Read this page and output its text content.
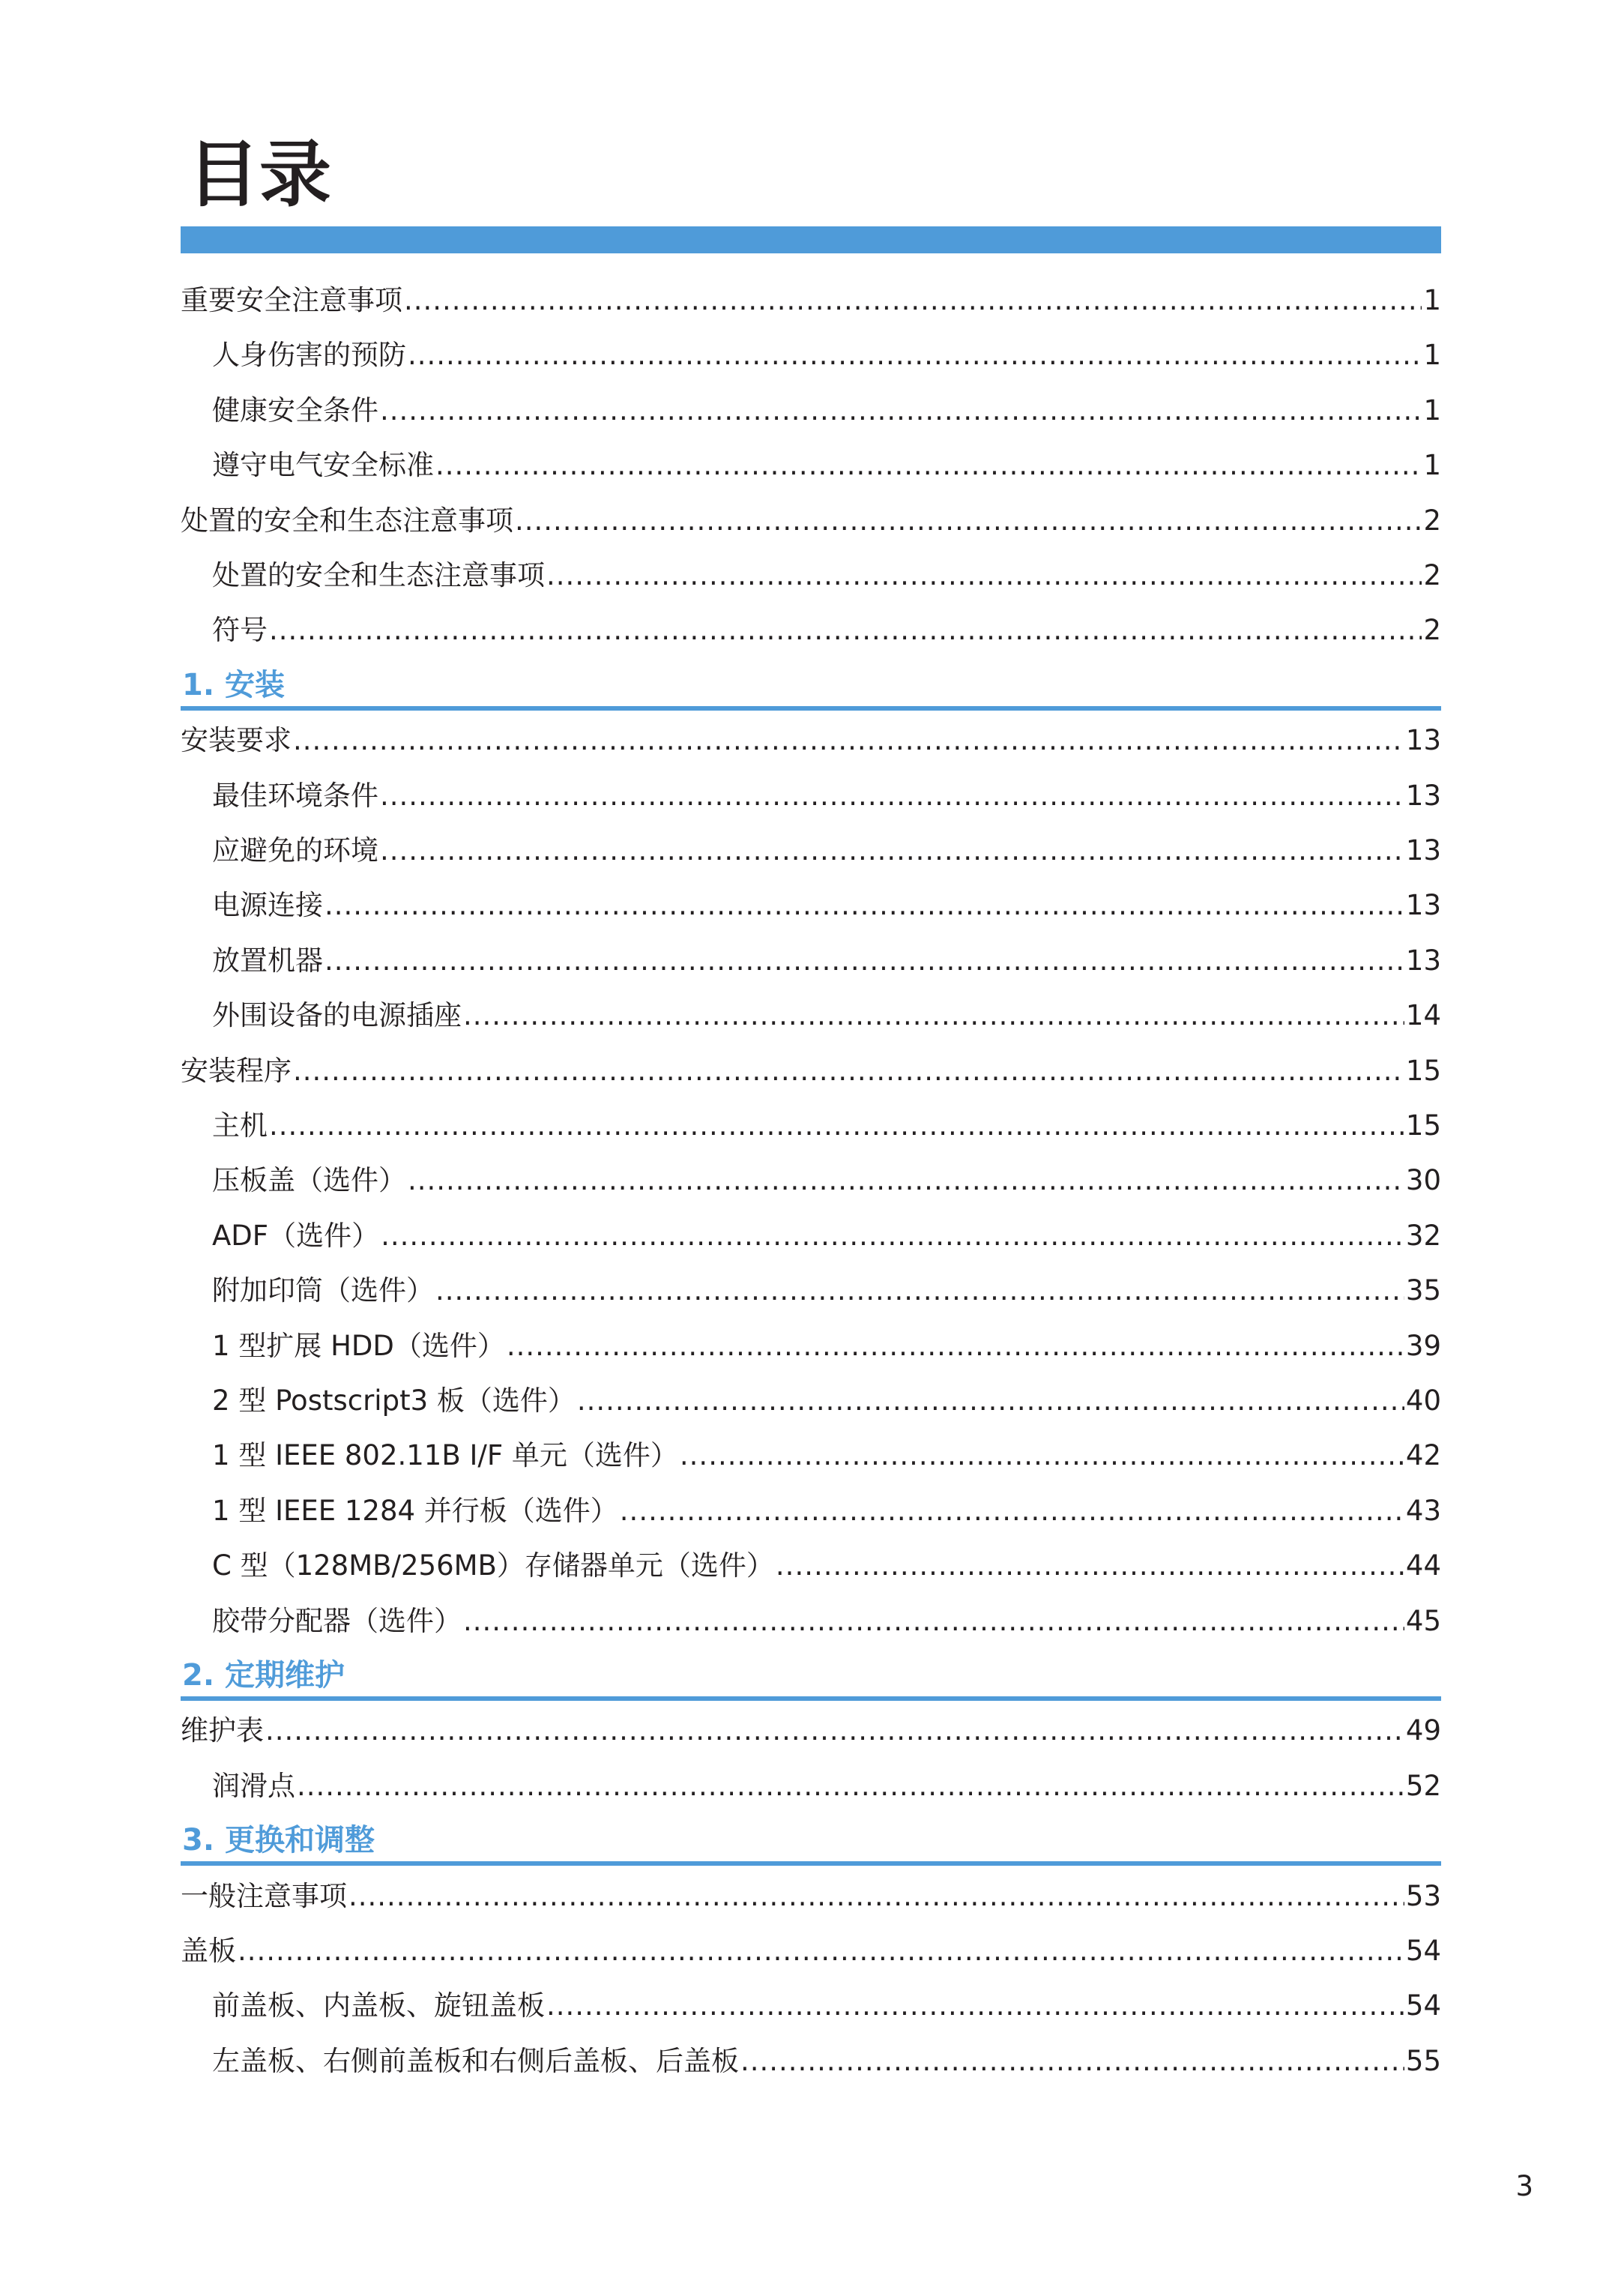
目录
重要安全注意事项 .....	1
人身伤害的预防 .....	1
健康安全条件 .....	1
遵守电气安全标准 .....	1
处置的安全和生态注意事项 .....	2
处置的安全和生态注意事项 .....	2
符号 .....	2
1. 安装
安装要求 .....	13
最佳环境条件 .....	13
应避免的环境 .....	13
电源连接 .....	13
放置机器 .....	13
外围设备的电源插座 .....	14
安装程序 .....	15
主机 .....	15
压板盖（选件） .....	30
ADF（选件） .....	32
附加印筒（选件） .....	35
1 型扩展 HDD（选件） .....	39
2 型 Postscript3 板（选件） .....	40
1 型 IEEE 802.11B I/F 单元（选件） .....	42
1 型 IEEE 1284 并行板（选件） .....	43
C 型（128MB/256MB）存储器单元（选件） .....	44
胶带分配器（选件） .....	45
2. 定期维护
维护表 .....	49
润滑点 .....	52
3. 更换和调整
一般注意事项 .....	53
盖板 .....	54
前盖板、内盖板、旋钮盖板 .....	54
左盖板、右侧前盖板和右侧后盖板、后盖板 .....	55
3
